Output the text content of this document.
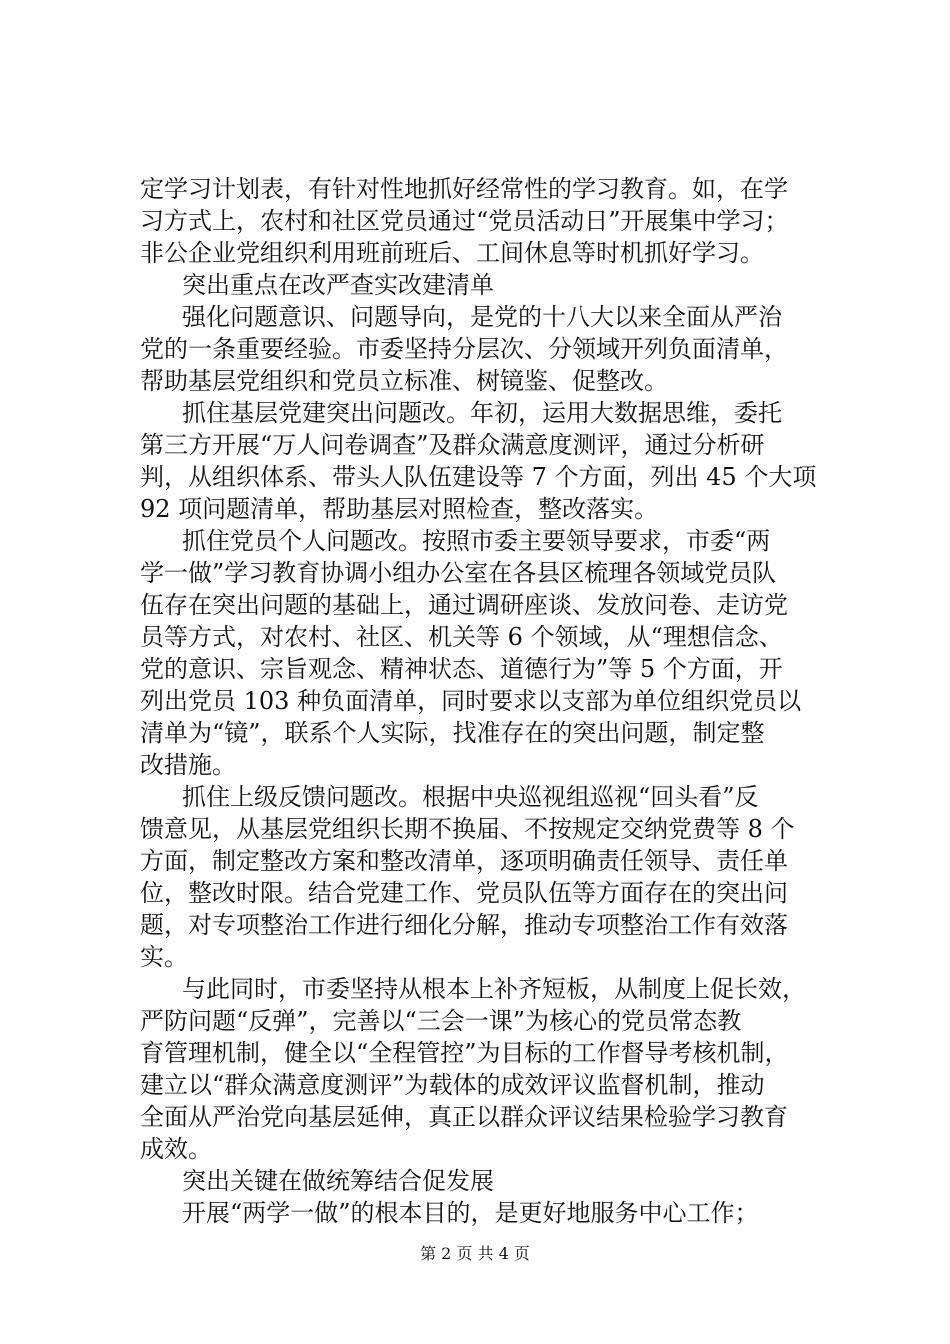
定学习计划表，有针对性地抓好经常性的学习教育。如，在学
习方式上，农村和社区党员通过“党员活动日”开展集中学习；
非公企业党组织利用班前班后、工间休息等时机抓好学习。
突出重点在改严查实改建清单
强化问题意识、问题导向，是党的十八大以来全面从严治
党的一条重要经验。市委坚持分层次、分领域开列负面清单，
帮助基层党组织和党员立标准、树镜鉴、促整改。
抓住基层党建突出问题改。年初，运用大数据思维，委托
第三方开展“万人问卷调查”及群众满意度测评，通过分析研
判，从组织体系、带头人队伍建设等 7 个方面，列出 45 个大项
92 项问题清单，帮助基层对照检查，整改落实。
抓住党员个人问题改。按照市委主要领导要求，市委“两
学一做”学习教育协调小组办公室在各县区梳理各领域党员队
伍存在突出问题的基础上，通过调研座谈、发放问卷、走访党
员等方式，对农村、社区、机关等 6 个领域，从“理想信念、
党的意识、宗旨观念、精神状态、道德行为”等 5 个方面，开
列出党员 103 种负面清单，同时要求以支部为单位组织党员以
清单为“镜”，联系个人实际，找准存在的突出问题，制定整
改措施。
抓住上级反馈问题改。根据中央巡视组巡视“回头看”反
馈意见，从基层党组织长期不换届、不按规定交纳党费等 8 个
方面，制定整改方案和整改清单，逐项明确责任领导、责任单
位，整改时限。结合党建工作、党员队伍等方面存在的突出问
题，对专项整治工作进行细化分解，推动专项整治工作有效落
实。
与此同时，市委坚持从根本上补齐短板，从制度上促长效，
严防问题“反弹”，完善以“三会一课”为核心的党员常态教
育管理机制，健全以“全程管控”为目标的工作督导考核机制，
建立以“群众满意度测评”为载体的成效评议监督机制，推动
全面从严治党向基层延伸，真正以群众评议结果检验学习教育
成效。
突出关键在做统筹结合促发展
开展“两学一做”的根本目的，是更好地服务中心工作；
第 2 页 共 4 页
